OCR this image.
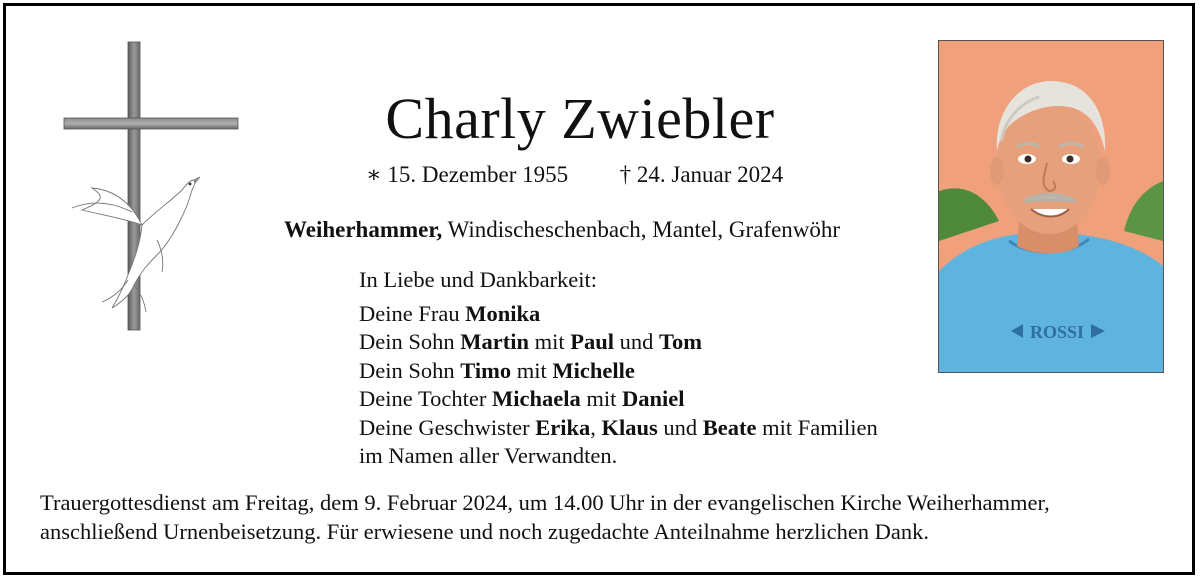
Charly Zwiebler
∗ 15. Dezember 1955 † 24. Januar 2024
Weiherhammer, Windischeschenbach, Mantel, Grafenwöhr
In Liebe und Dankbarkeit:
Deine Frau Monika
Dein Sohn Martin mit Paul und Tom
Dein Sohn Timo mit Michelle
Deine Tochter Michaela mit Daniel
Deine Geschwister Erika, Klaus und Beate mit Familien
im Namen aller Verwandten.
ROSSI
Trauergottesdienst am Freitag, dem 9. Februar 2024, um 14.00 Uhr in der evangelischen Kirche Weiherhammer,
anschließend Urnenbeisetzung. Für erwiesene und noch zugedachte Anteilnahme herzlichen Dank.
